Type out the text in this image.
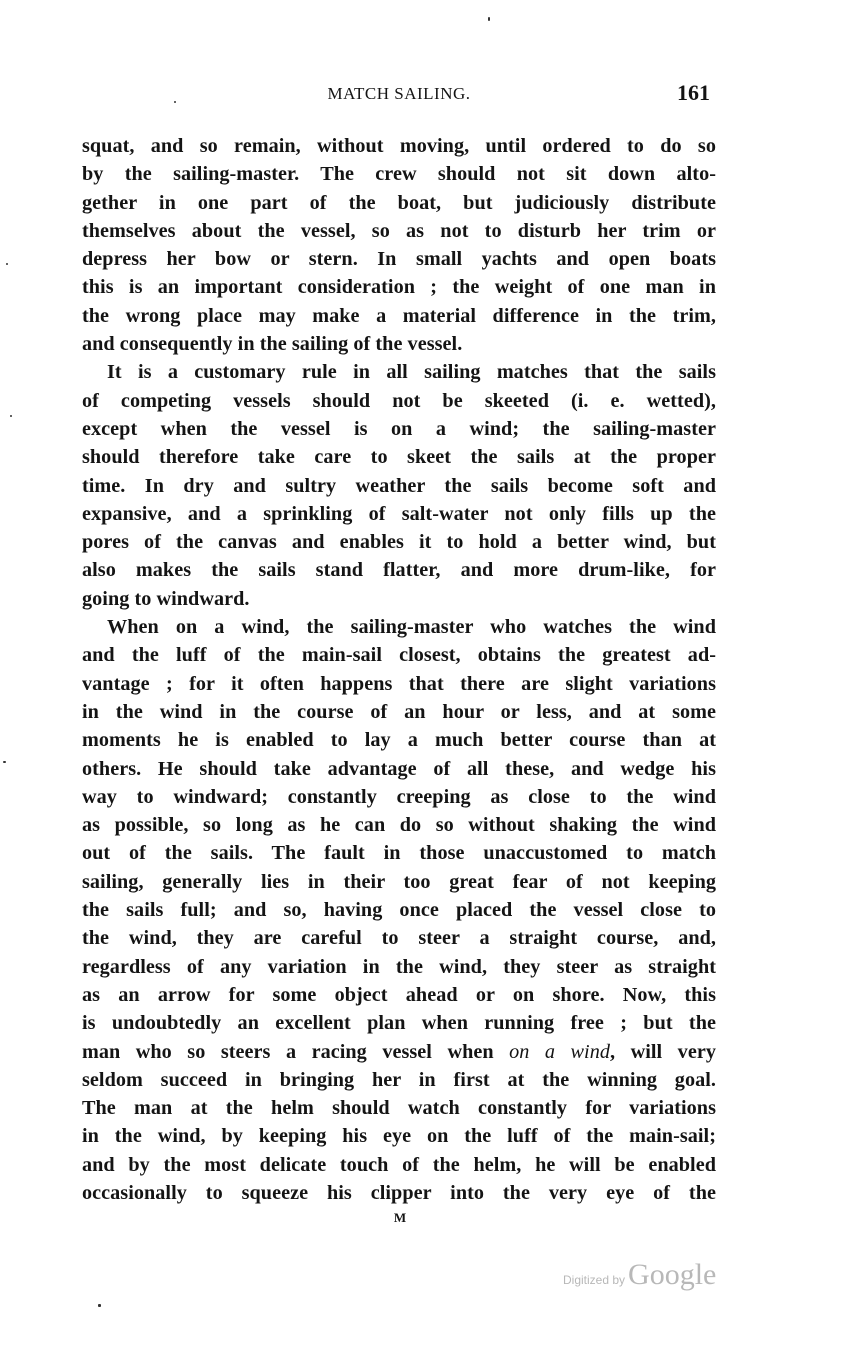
MATCH SAILING.	161
squat, and so remain, without moving, until ordered to do so
by the sailing-master. The crew should not sit down alto-
gether in one part of the boat, but judiciously distribute
themselves about the vessel, so as not to disturb her trim or
depress her bow or stern. In small yachts and open boats
this is an important consideration ; the weight of one man in
the wrong place may make a material difference in the trim,
and consequently in the sailing of the vessel.
It is a customary rule in all sailing matches that the sails
of competing vessels should not be skeeted (i. e. wetted),
except when the vessel is on a wind; the sailing-master
should therefore take care to skeet the sails at the proper
time. In dry and sultry weather the sails become soft and
expansive, and a sprinkling of salt-water not only fills up the
pores of the canvas and enables it to hold a better wind, but
also makes the sails stand flatter, and more drum-like, for
going to windward.
When on a wind, the sailing-master who watches the wind
and the luff of the main-sail closest, obtains the greatest ad-
vantage ; for it often happens that there are slight variations
in the wind in the course of an hour or less, and at some
moments he is enabled to lay a much better course than at
others. He should take advantage of all these, and wedge his
way to windward; constantly creeping as close to the wind
as possible, so long as he can do so without shaking the wind
out of the sails. The fault in those unaccustomed to match
sailing, generally lies in their too great fear of not keeping
the sails full; and so, having once placed the vessel close to
the wind, they are careful to steer a straight course, and,
regardless of any variation in the wind, they steer as straight
as an arrow for some object ahead or on shore. Now, this
is undoubtedly an excellent plan when running free ; but the
man who so steers a racing vessel when on a wind, will very
seldom succeed in bringing her in first at the winning goal.
The man at the helm should watch constantly for variations
in the wind, by keeping his eye on the luff of the main-sail;
and by the most delicate touch of the helm, he will be enabled
occasionally to squeeze his clipper into the very eye of the
M
Digitized by Google
